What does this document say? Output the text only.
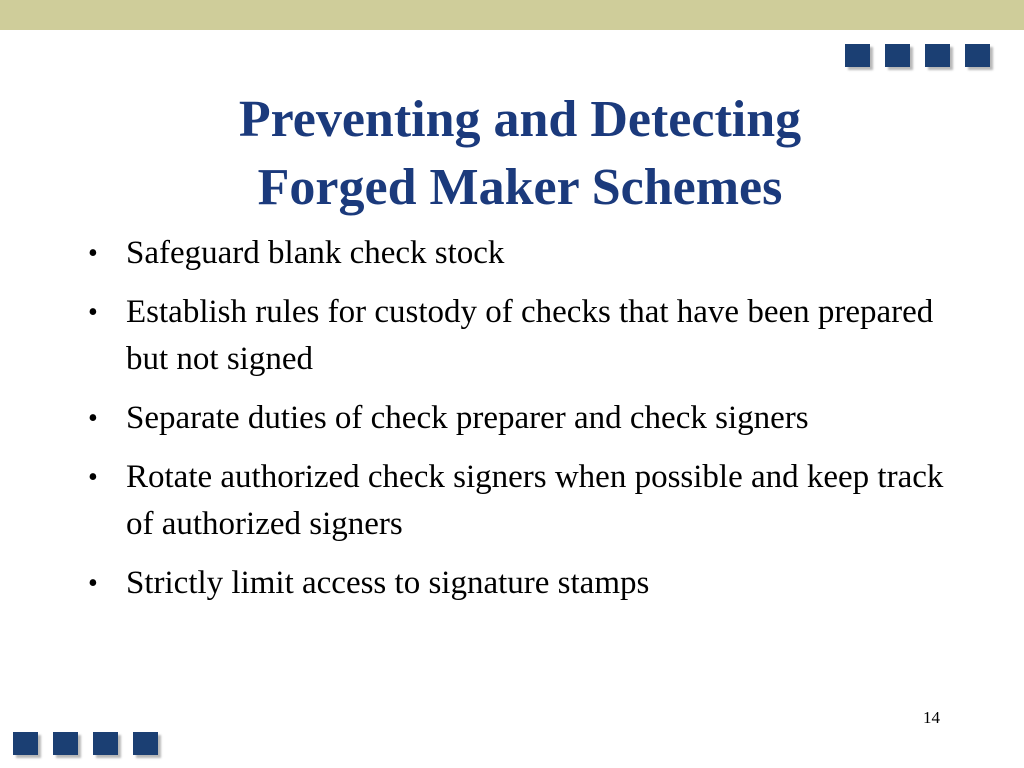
Preventing and Detecting
Forged Maker Schemes
• Safeguard blank check stock
• Establish rules for custody of checks that have been prepared but not signed
• Separate duties of check preparer and check signers
• Rotate authorized check signers when possible and keep track of authorized signers
• Strictly limit access to signature stamps
14
